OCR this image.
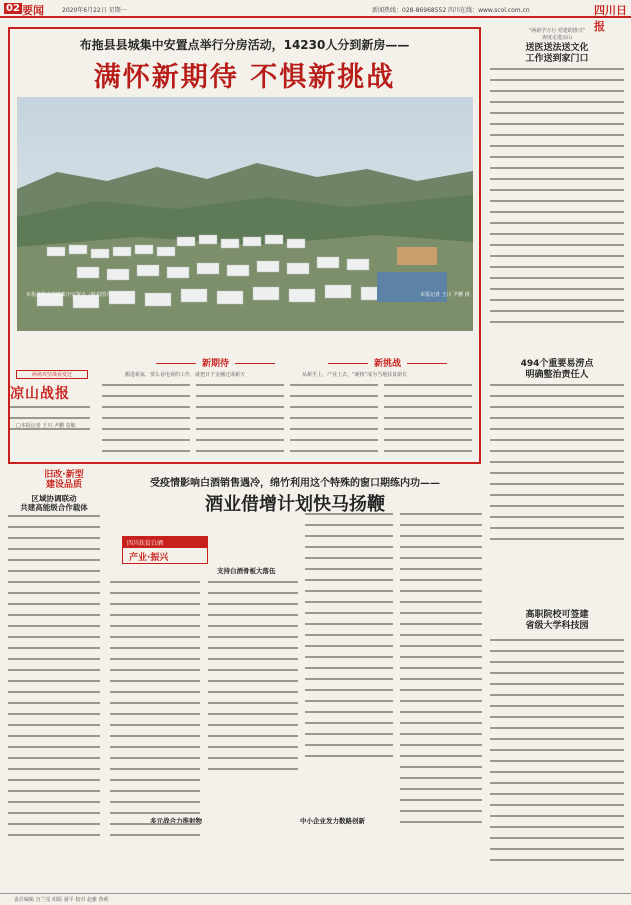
02 要闻	2020年6月22日 星期一	新闻热线：028-86968552 四川在线：www.scol.com.cn	四川日报
布拖县县城集中安置点举行分房活动，14230人分到新房——
满怀新期待 不惧新挑战
布拖县特木里镇集中安置点（航拍图片）	本报记者 王川 尹鹏 摄
新期待
搬进新家，要么看电视的工作，就把日子金桶过成新天
新挑战
从新手上，产业上去，“硬核”成为当地扶贫新长
两场攻坚战看变迁
凉山战报
□本报记者 王川 尹鹏 袁敏
“两新学万行·党建助推兴”
再度走进凉山
送医送法送文化
工作送到家门口
494个重要易涝点
明确整治责任人
旧改·新型
建设品质
区域协调联动
共建高能级合作载体
受疫情影响白酒销售遇冷，绵竹利用这个特殊的窗口期练内功——
酒业借增计划快马扬鞭
四川扶贫白酒
产业·振兴
支持白酒骨板大落伍
多元战合力推射物	中小企业发力数路创新
高职院校可签建
省级大学科技园
责任编辑 宫兰星 组版 聂平 校对 赵雅 鲁莉
